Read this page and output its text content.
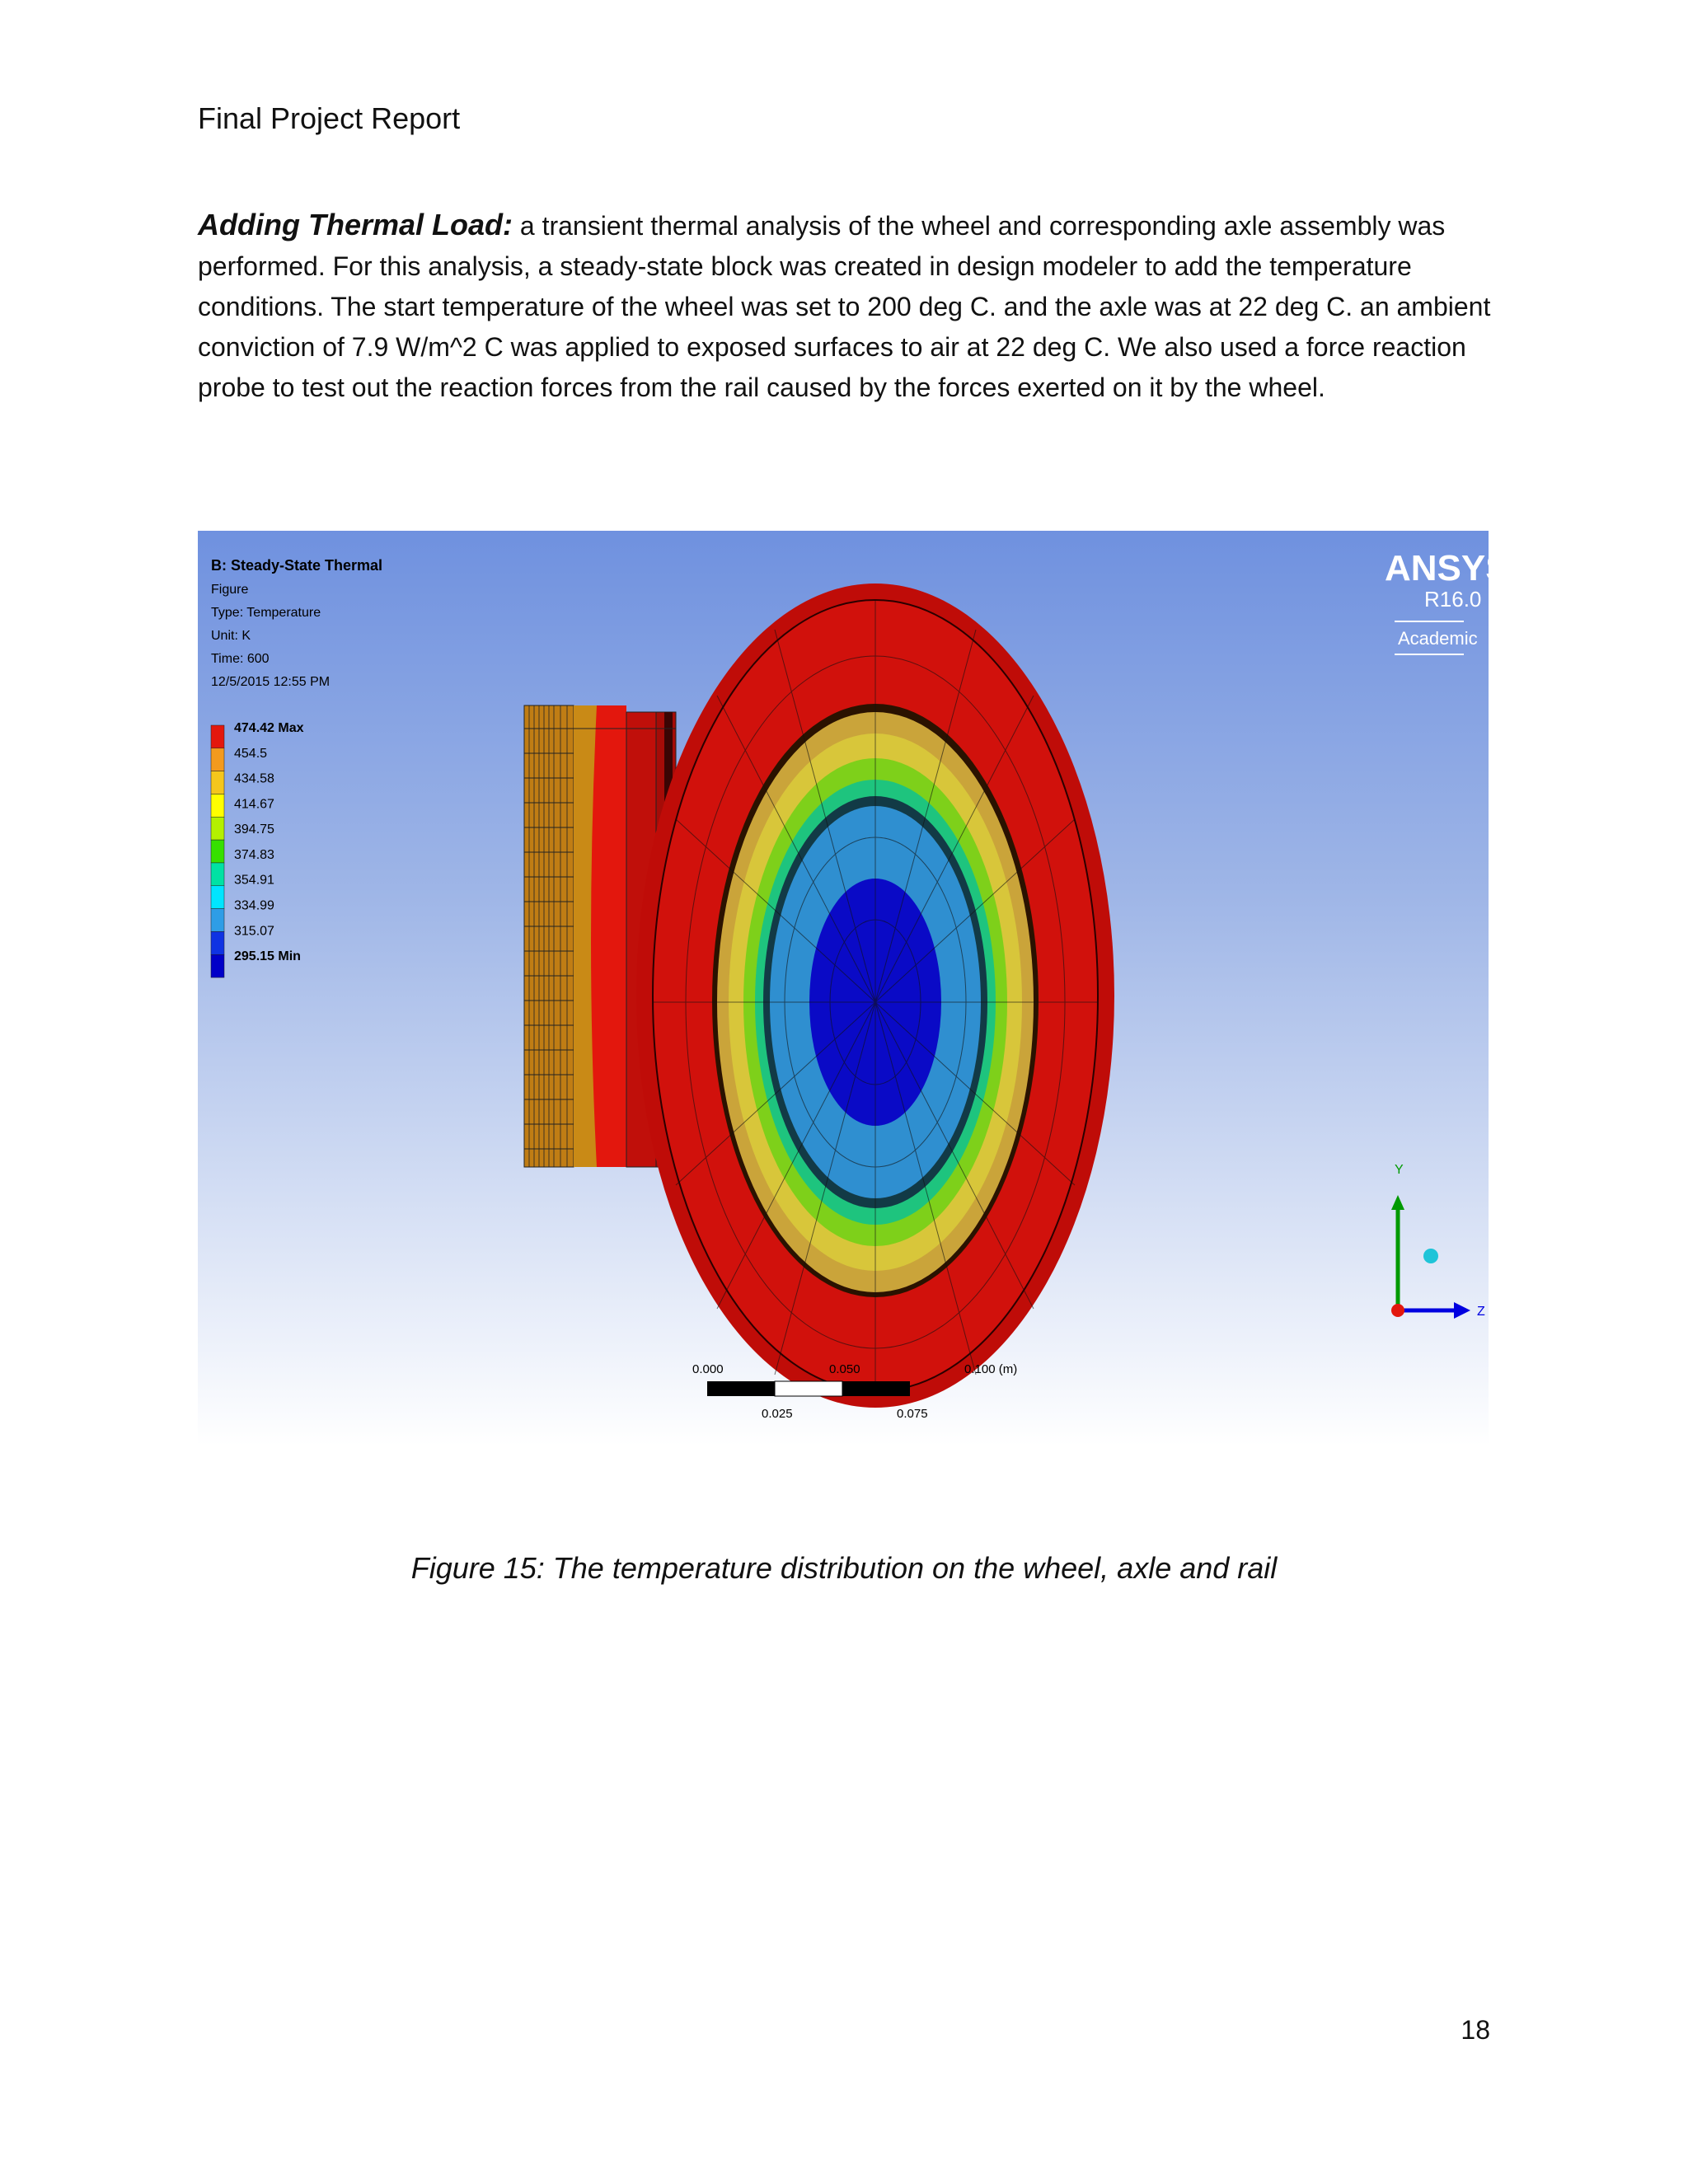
Final Project Report
Adding Thermal Load: a transient thermal analysis of the wheel and corresponding axle assembly was performed. For this analysis, a steady-state block was created in design modeler to add the temperature conditions. The start temperature of the wheel was set to 200 deg C. and the axle was at 22 deg C. an ambient conviction of 7.9 W/m^2 C was applied to exposed surfaces to air at 22 deg C. We also used a force reaction probe to test out the reaction forces from the rail caused by the forces exerted on it by the wheel.
B: Steady-State Thermal
Figure
Type: Temperature
Unit: K
Time: 600
12/5/2015 12:55 PM
474.42 Max
454.5
434.58
414.67
394.75
374.83
354.91
334.99
315.07
295.15 Min
ANSYS
R16.0
Academic
0.000	0.050	0.100 (m)
0.025	0.075
Y
Z
Figure 15: The temperature distribution on the wheel, axle and rail
18
